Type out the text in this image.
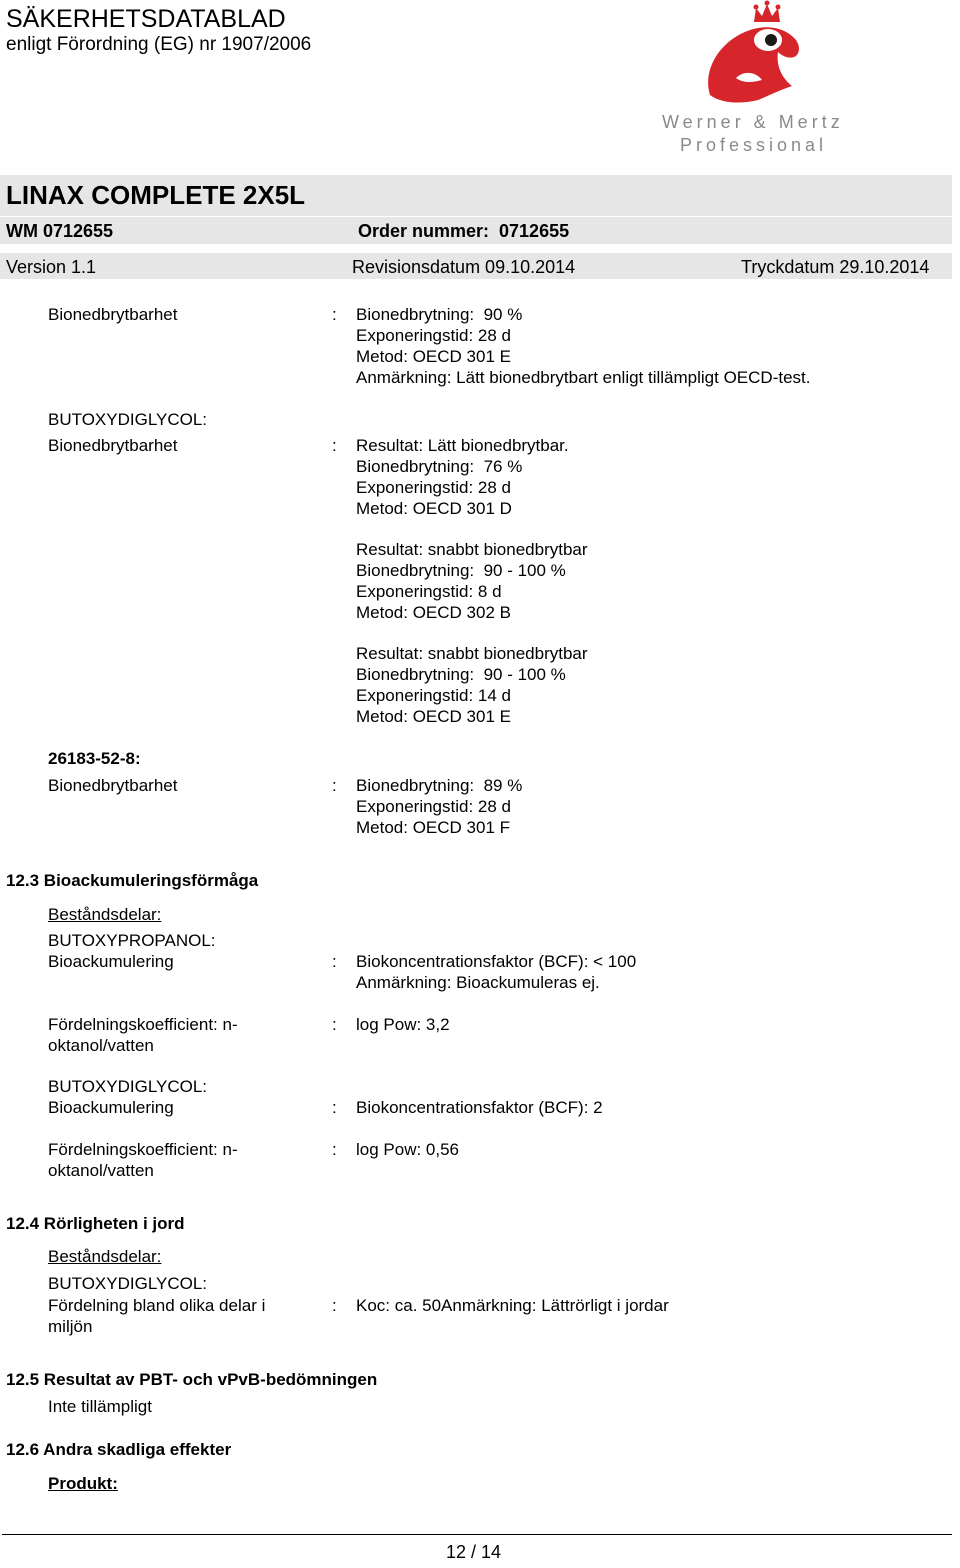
SÄKERHETSDATABLAD
enligt Förordning (EG) nr 1907/2006
Werner & Mertz
Professional
LINAX COMPLETE 2X5L
WM 0712655	Order nummer:  0712655
Version 1.1	Revisionsdatum 09.10.2014	Tryckdatum 29.10.2014
Bionedbrytbarhet	: Bionedbrytning:  90 %
Exponeringstid: 28 d
Metod: OECD 301 E
Anmärkning: Lätt bionedbrytbart enligt tillämpligt OECD-test.
BUTOXYDIGLYCOL:
Bionedbrytbarhet	: Resultat: Lätt bionedbrytbar.
Bionedbrytning:  76 %
Exponeringstid: 28 d
Metod: OECD 301 D
Resultat: snabbt bionedbrytbar
Bionedbrytning:  90 - 100 %
Exponeringstid: 8 d
Metod: OECD 302 B
Resultat: snabbt bionedbrytbar
Bionedbrytning:  90 - 100 %
Exponeringstid: 14 d
Metod: OECD 301 E
26183-52-8:
Bionedbrytbarhet	: Bionedbrytning:  89 %
Exponeringstid: 28 d
Metod: OECD 301 F
12.3 Bioackumuleringsförmåga
Beståndsdelar:
BUTOXYPROPANOL:
Bioackumulering	: Biokoncentrationsfaktor (BCF): < 100
Anmärkning: Bioackumuleras ej.
Fördelningskoefficient: n-
oktanol/vatten
: log Pow: 3,2
BUTOXYDIGLYCOL:
Bioackumulering	: Biokoncentrationsfaktor (BCF): 2
Fördelningskoefficient: n-
oktanol/vatten
: log Pow: 0,56
12.4 Rörligheten i jord
Beståndsdelar:
BUTOXYDIGLYCOL:
Fördelning bland olika delar i
miljön
: Koc: ca. 50Anmärkning: Lättrörligt i jordar
12.5 Resultat av PBT- och vPvB-bedömningen
Inte tillämpligt
12.6 Andra skadliga effekter
Produkt:
12 / 14
